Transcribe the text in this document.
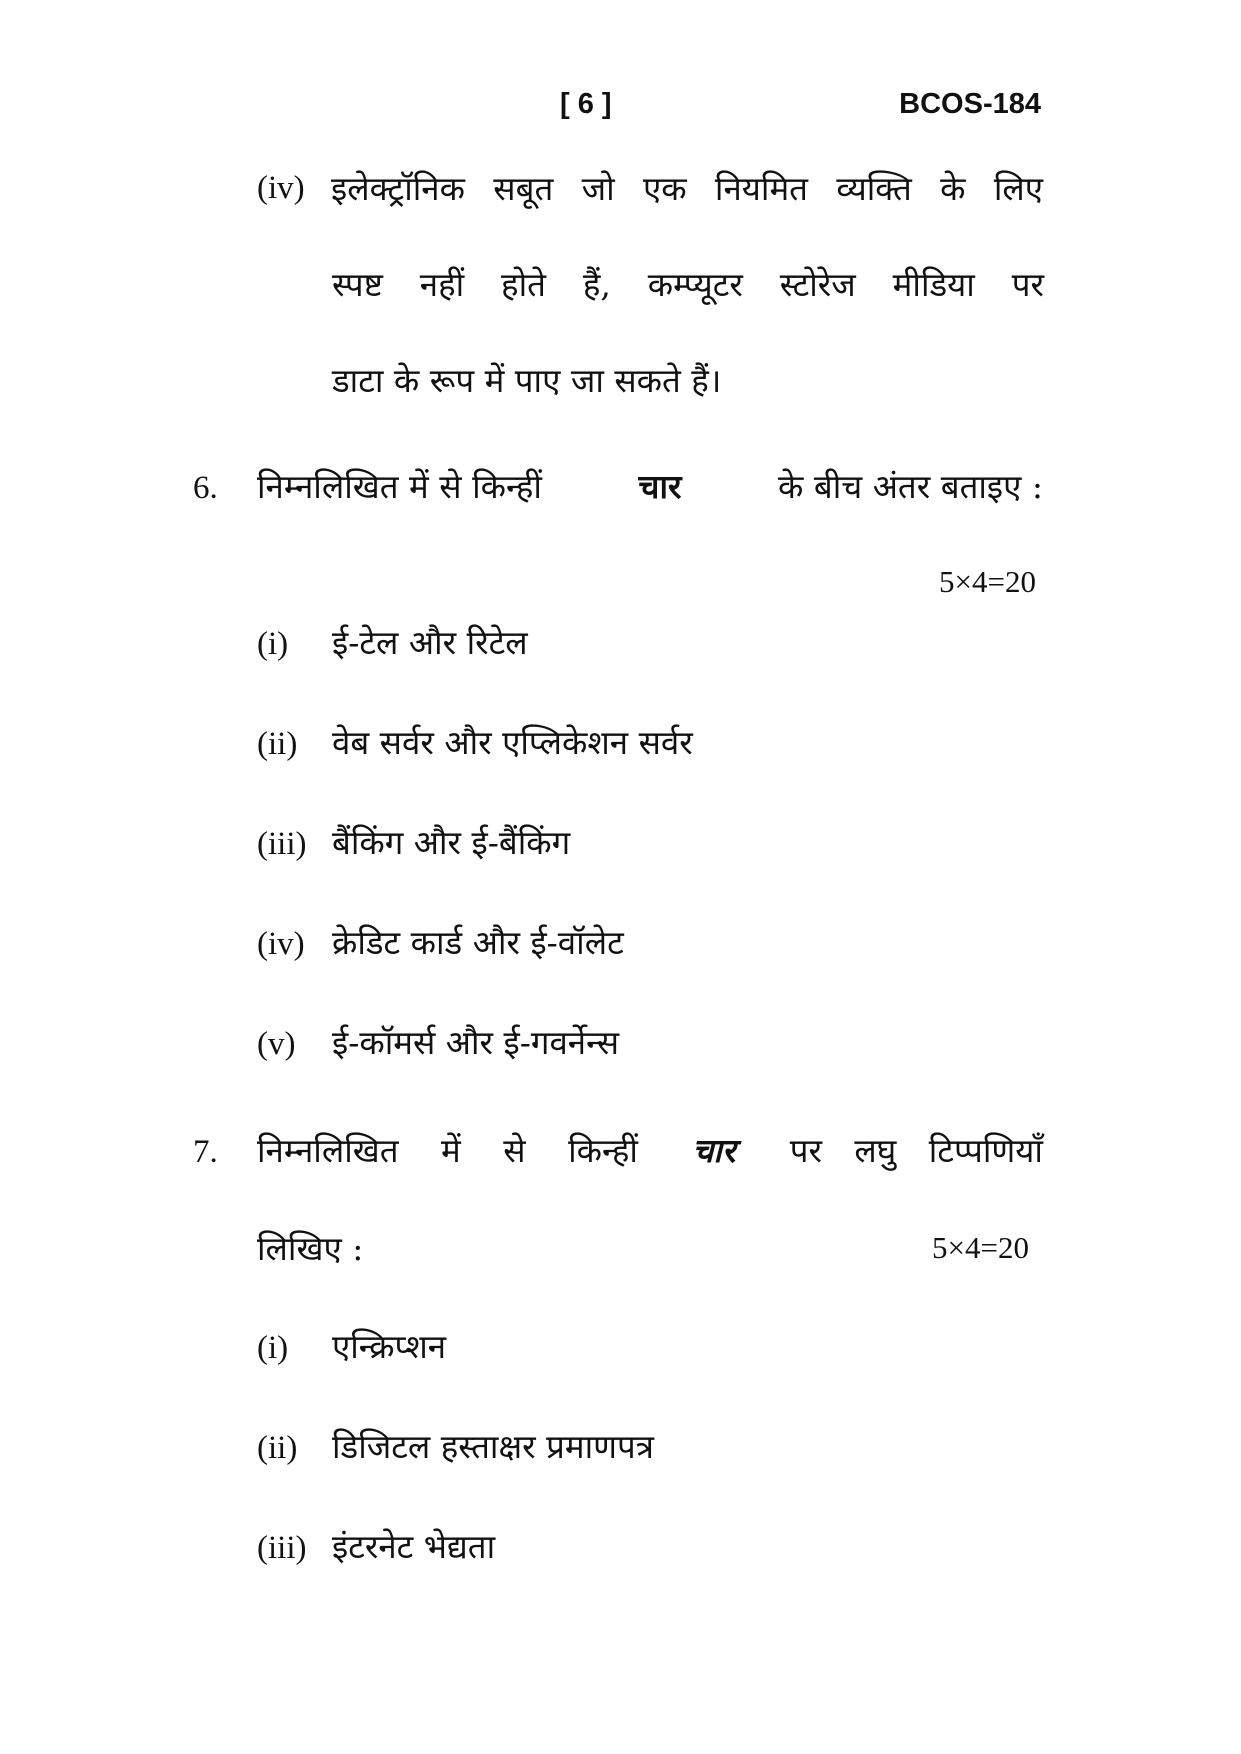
[ 6 ]	BCOS-184
(iv) इलेक्ट्रॉनिक सबूत जो एक नियमित व्यक्ति के लिए
स्पष्ट नहीं होते हैं, कम्प्यूटर स्टोरेज मीडिया पर
डाटा के रूप में पाए जा सकते हैं।
6. निम्नलिखित में से किन्हीं	चार	के बीच अंतर बताइए :
5×4=20
(i) ई-टेल और रिटेल
(ii) वेब सर्वर और एप्लिकेशन सर्वर
(iii) बैंकिंग और ई-बैंकिंग
(iv) क्रेडिट कार्ड और ई-वॉलेट
(v) ई-कॉमर्स और ई-गवर्नेन्स
7. निम्नलिखित में से किन्हीं चार पर लघु टिप्पणियाँ
लिखिए :	5×4=20
(i) एन्क्रिप्शन
(ii) डिजिटल हस्ताक्षर प्रमाणपत्र
(iii) इंटरनेट भेद्यता
